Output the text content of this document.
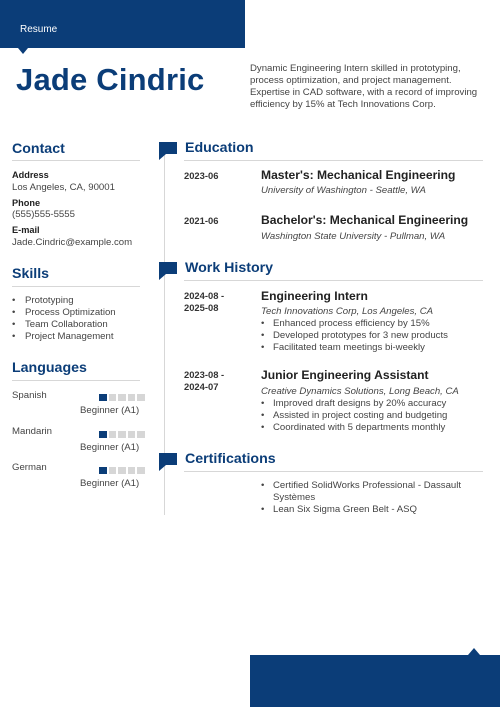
Resume
Jade Cindric	Dynamic Engineering Intern skilled in prototyping, process optimization, and project management. Expertise in CAD software, with a record of improving efficiency by 15% at Tech Innovations Corp.
Contact
Address
Los Angeles, CA, 90001
Phone
(555)555-5555
E-mail
Jade.Cindric@example.com
Skills
• Prototyping
• Process Optimization
• Team Collaboration
• Project Management
Languages
Spanish
Beginner (A1)
Mandarin
Beginner (A1)
German
Beginner (A1)
Education
2023-06	Master's: Mechanical Engineering
University of Washington - Seattle, WA
2021-06	Bachelor's: Mechanical Engineering
Washington State University - Pullman, WA
Work History
2024-08 -
2025-08
Engineering Intern
Tech Innovations Corp, Los Angeles, CA
• Enhanced process efficiency by 15%
• Developed prototypes for 3 new products
• Facilitated team meetings bi-weekly
2023-08 -
2024-07
Junior Engineering Assistant
Creative Dynamics Solutions, Long Beach, CA
• Improved draft designs by 20% accuracy
• Assisted in project costing and budgeting
• Coordinated with 5 departments monthly
Certifications
• Certified SolidWorks Professional - Dassault Systèmes
• Lean Six Sigma Green Belt - ASQ
